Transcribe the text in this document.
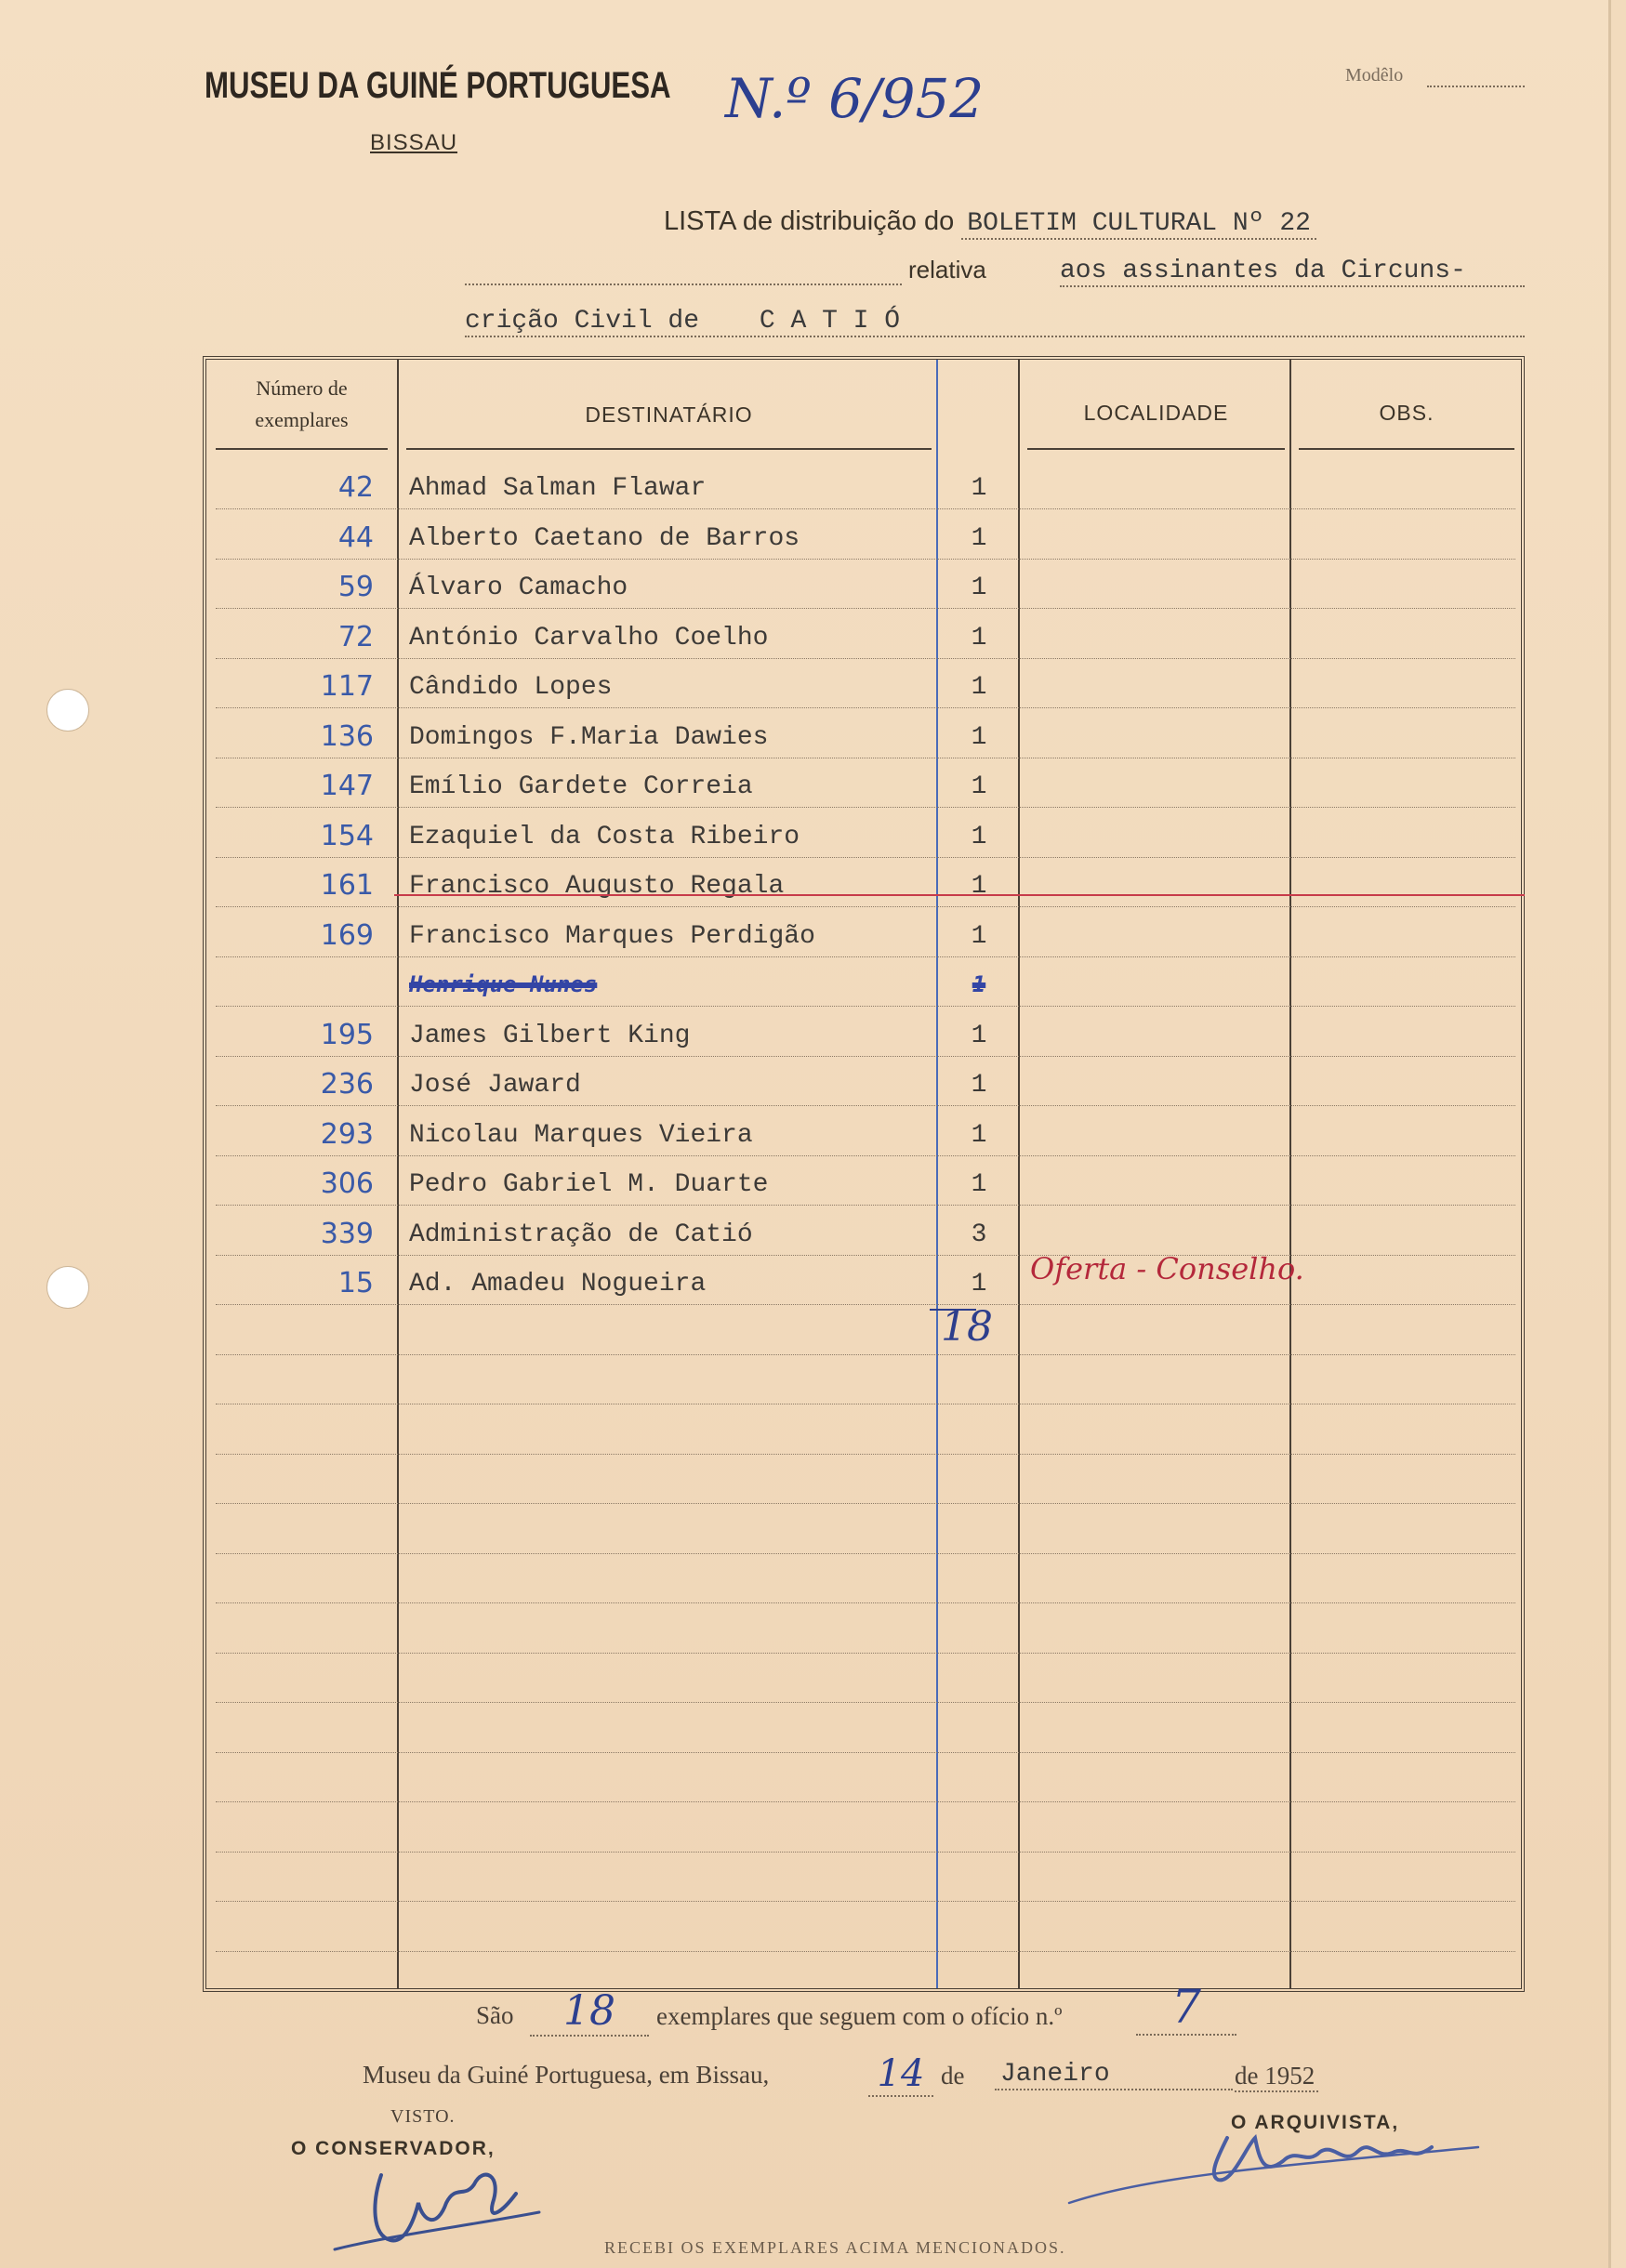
MUSEU DA GUINÉ PORTUGUESA
BISSAU
N.º 6/952	Modêlo
LISTA de distribuição do BOLETIM CULTURAL Nº 22
relativa	aos assinantes da Circuns-
crição Civil de C A T I Ó
Número de
exemplares	DESTINATÁRIO	LOCALIDADE	OBS.
42 Ahmad Salman Flawar	1
44 Alberto Caetano de Barros	1
59 Álvaro Camacho	1
72 António Carvalho Coelho	1
117 Cândido Lopes	1
136 Domingos F.Maria Dawies	1
147 Emílio Gardete Correia	1
154 Ezaquiel da Costa Ribeiro	1
161 Francisco Augusto Regala	1
169 Francisco Marques Perdigão	1
Henrique Nunes	1
195 James Gilbert King	1
236 José Jaward	1
293 Nicolau Marques Vieira	1
306 Pedro Gabriel M. Duarte	1
339 Administração de Catió	3
15 Ad. Amadeu Nogueira	1	Oferta - Conselho.
18
São	18	exemplares que seguem com o ofício n.º	7
Museu da Guiné Portuguesa, em Bissau,	14 de Janeiro	de 1952
VISTO.
O CONSERVADOR,
O ARQUIVISTA,
RECEBI OS EXEMPLARES ACIMA MENCIONADOS.
